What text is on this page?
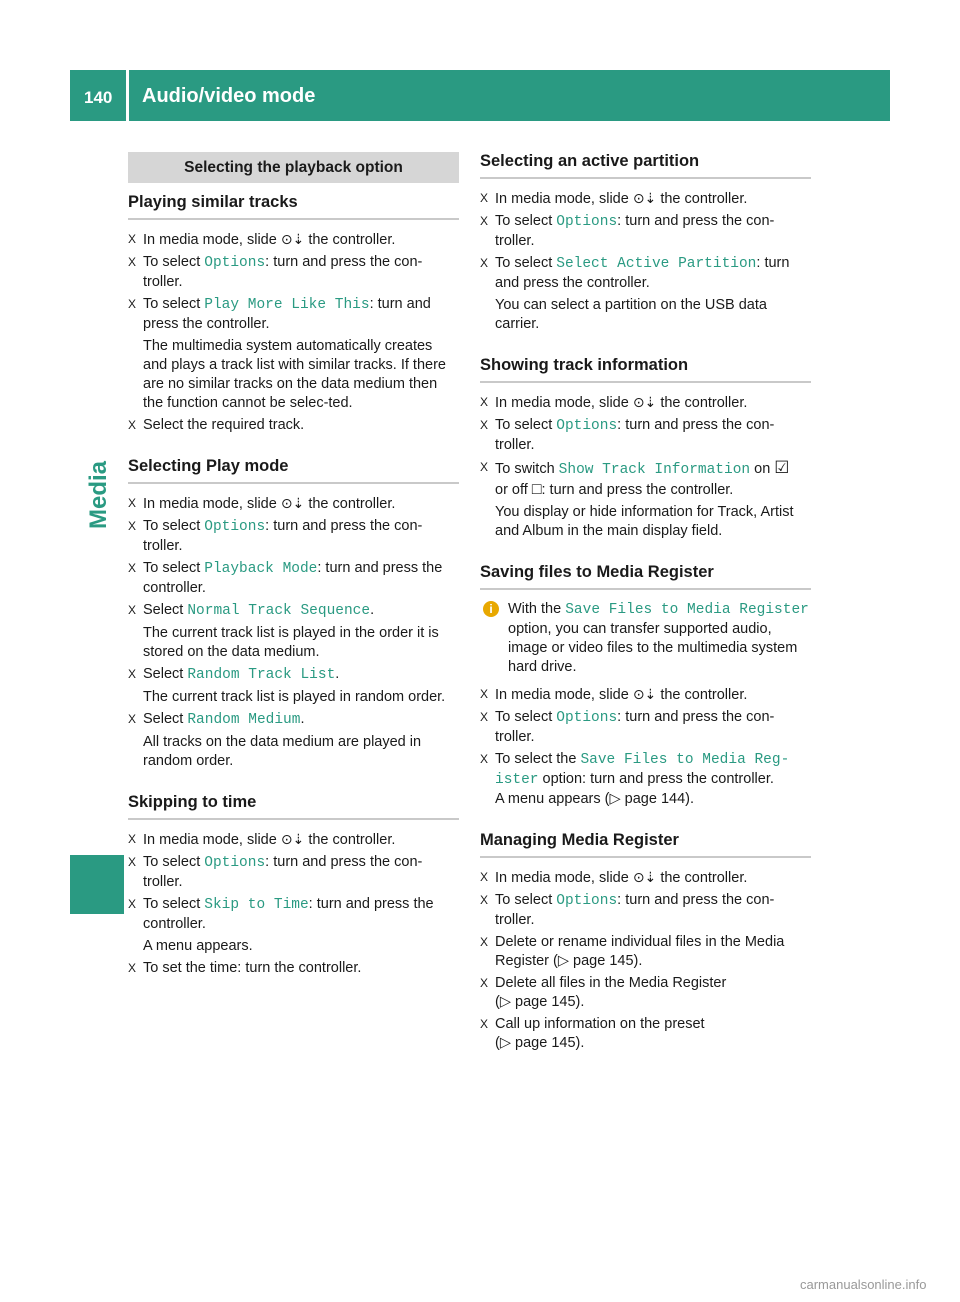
140 Audio/video mode
Media
Selecting the playback option
Playing similar tracks
X In media mode, slide ⊙⇣ the controller.
X To select Options: turn and press the con-
troller.
X To select Play More Like This: turn and
press the controller.
The multimedia system automatically creates and plays a track list with similar tracks. If there are no similar tracks on the data medium then the function cannot be selec-ted.
X Select the required track.
Selecting Play mode
X In media mode, slide ⊙⇣ the controller.
X To select Options: turn and press the con-
troller.
X To select Playback Mode: turn and press the
controller.
X Select Normal Track Sequence.
The current track list is played in the order it is stored on the data medium.
X Select Random Track List.
The current track list is played in random order.
X Select Random Medium.
All tracks on the data medium are played in random order.
Skipping to time
X In media mode, slide ⊙⇣ the controller.
X To select Options: turn and press the con-
troller.
X To select Skip to Time: turn and press the
controller.
A menu appears.
X To set the time: turn the controller.
Selecting an active partition
X In media mode, slide ⊙⇣ the controller.
X To select Options: turn and press the con-
troller.
X To select Select Active Partition: turn
and press the controller.
You can select a partition on the USB data carrier.
Showing track information
X In media mode, slide ⊙⇣ the controller.
X To select Options: turn and press the con-
troller.
X To switch Show Track Information on ☑
or off □: turn and press the controller.
You display or hide information for Track, Artist and Album in the main display field.
Saving files to Media Register
i	With the Save Files to Media Register
option, you can transfer supported audio, image or video files to the multimedia system hard drive.
X In media mode, slide ⊙⇣ the controller.
X To select Options: turn and press the con-
troller.
X To select the Save Files to Media Reg-
ister option: turn and press the controller.
A menu appears (▷ page 144).
Managing Media Register
X In media mode, slide ⊙⇣ the controller.
X To select Options: turn and press the con-
troller.
X Delete or rename individual files in the Media Register (▷ page 145).
X Delete all files in the Media Register
(▷ page 145).
X Call up information on the preset
(▷ page 145).
carmanualsonline.info
